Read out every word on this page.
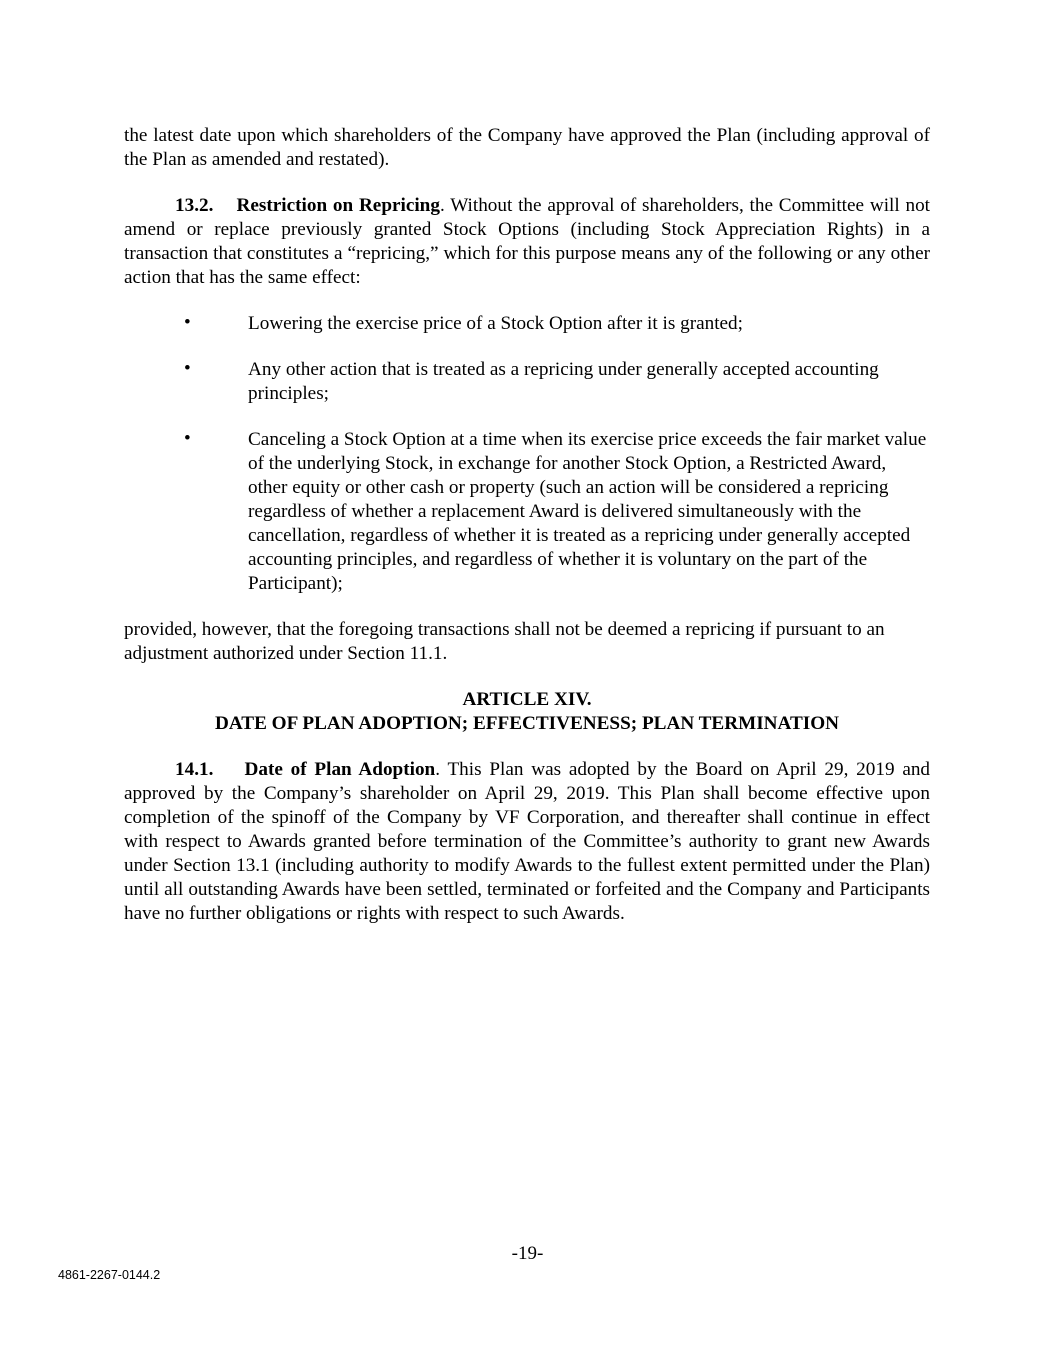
the latest date upon which shareholders of the Company have approved the Plan (including approval of the Plan as amended and restated).

13.2. Restriction on Repricing. Without the approval of shareholders, the Committee will not amend or replace previously granted Stock Options (including Stock Appreciation Rights) in a transaction that constitutes a “repricing,” which for this purpose means any of the following or any other action that has the same effect:

•	Lowering the exercise price of a Stock Option after it is granted;

•	Any other action that is treated as a repricing under generally accepted accounting principles;

•	Canceling a Stock Option at a time when its exercise price exceeds the fair market value of the underlying Stock, in exchange for another Stock Option, a Restricted Award, other equity or other cash or property (such an action will be considered a repricing regardless of whether a replacement Award is delivered simultaneously with the cancellation, regardless of whether it is treated as a repricing under generally accepted accounting principles, and regardless of whether it is voluntary on the part of the Participant);

provided, however, that the foregoing transactions shall not be deemed a repricing if pursuant to an adjustment authorized under Section 11.1.

ARTICLE XIV.

DATE OF PLAN ADOPTION; EFFECTIVENESS; PLAN TERMINATION

14.1. Date of Plan Adoption. This Plan was adopted by the Board on April 29, 2019 and approved by the Company’s shareholder on April 29, 2019. This Plan shall become effective upon completion of the spinoff of the Company by VF Corporation, and thereafter shall continue in effect with respect to Awards granted before termination of the Committee’s authority to grant new Awards under Section 13.1 (including authority to modify Awards to the fullest extent permitted under the Plan) until all outstanding Awards have been settled, terminated or forfeited and the Company and Participants have no further obligations or rights with respect to such Awards.

-19-
4861-2267-0144.2
